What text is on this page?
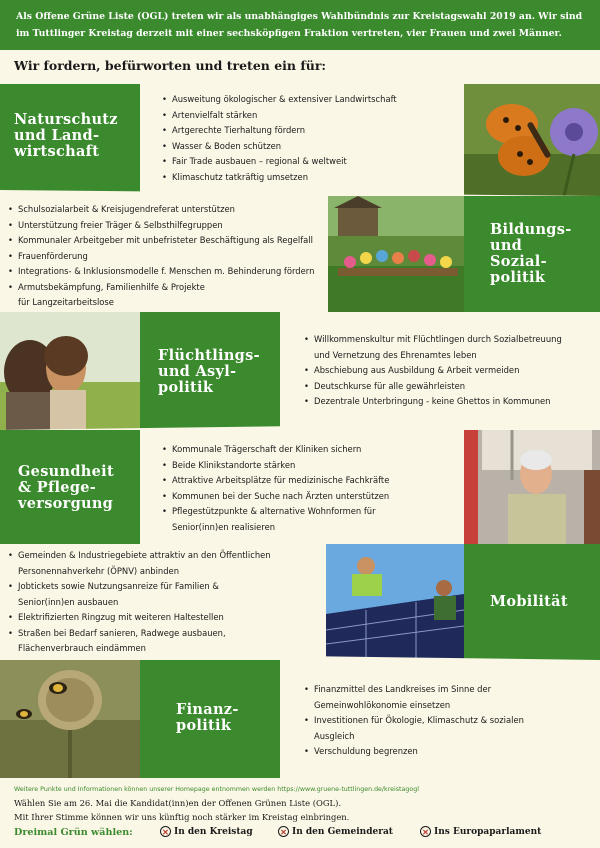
Als Offene Grüne Liste (OGL) treten wir als unabhängiges Wahlbündnis zur Kreistagswahl 2019 an. Wir sind
im Tuttlinger Kreistag derzeit mit einer sechsköpfigen Fraktion vertreten, vier Frauen und zwei Männer.
Wir fordern, befürworten und treten ein für:
Naturschutz
und Land-
wirtschaft
• Ausweitung ökologischer & extensiver Landwirtschaft
• Artenvielfalt stärken
• Artgerechte Tierhaltung fördern
• Wasser & Boden schützen
• Fair Trade ausbauen – regional & weltweit
• Klimaschutz tatkräftig umsetzen
• Schulsozialarbeit & Kreisjugendreferat unterstützen
• Unterstützung freier Träger & Selbsthilfegruppen
• Kommunaler Arbeitgeber mit unbefristeter Beschäftigung als Regelfall
• Frauenförderung
• Integrations- & Inklusionsmodelle f. Menschen m. Behinderung fördern
• Armutsbekämpfung, Familienhilfe & Projekte
für Langzeitarbeitslose
Bildungs-
und
Sozial-
politik
Flüchtlings-
und Asyl-
politik
• Willkommenskultur mit Flüchtlingen durch Sozialbetreuung
und Vernetzung des Ehrenamtes leben
• Abschiebung aus Ausbildung & Arbeit vermeiden
• Deutschkurse für alle gewährleisten
• Dezentrale Unterbringung - keine Ghettos in Kommunen
Gesundheit
& Pflege-
versorgung
• Kommunale Trägerschaft der Kliniken sichern
• Beide Klinikstandorte stärken
• Attraktive Arbeitsplätze für medizinische Fachkräfte
• Kommunen bei der Suche nach Ärzten unterstützen
• Pflegestützpunkte & alternative Wohnformen für
Senior(inn)en realisieren
• Gemeinden & Industriegebiete attraktiv an den Öffentlichen
Personennahverkehr (ÖPNV) anbinden
• Jobtickets sowie Nutzungsanreize für Familien &
Senior(inn)en ausbauen
• Elektrifizierten Ringzug mit weiteren Haltestellen
• Straßen bei Bedarf sanieren, Radwege ausbauen,
Flächenverbrauch eindämmen
Mobilität
Finanz-
politik
• Finanzmittel des Landkreises im Sinne der
Gemeinwohlökonomie einsetzen
• Investitionen für Ökologie, Klimaschutz & sozialen
Ausgleich
• Verschuldung begrenzen
Weitere Punkte und Informationen können unserer Homepage entnommen werden https://www.gruene-tuttlingen.de/kreistagogl
Wählen Sie am 26. Mai die Kandidat(inn)en der Offenen Grünen Liste (OGL).
Mit Ihrer Stimme können wir uns künftig noch stärker im Kreistag einbringen.
Dreimal Grün wählen:	✕ In den Kreistag	✕ In den Gemeinderat	✕ Ins Europaparlament
